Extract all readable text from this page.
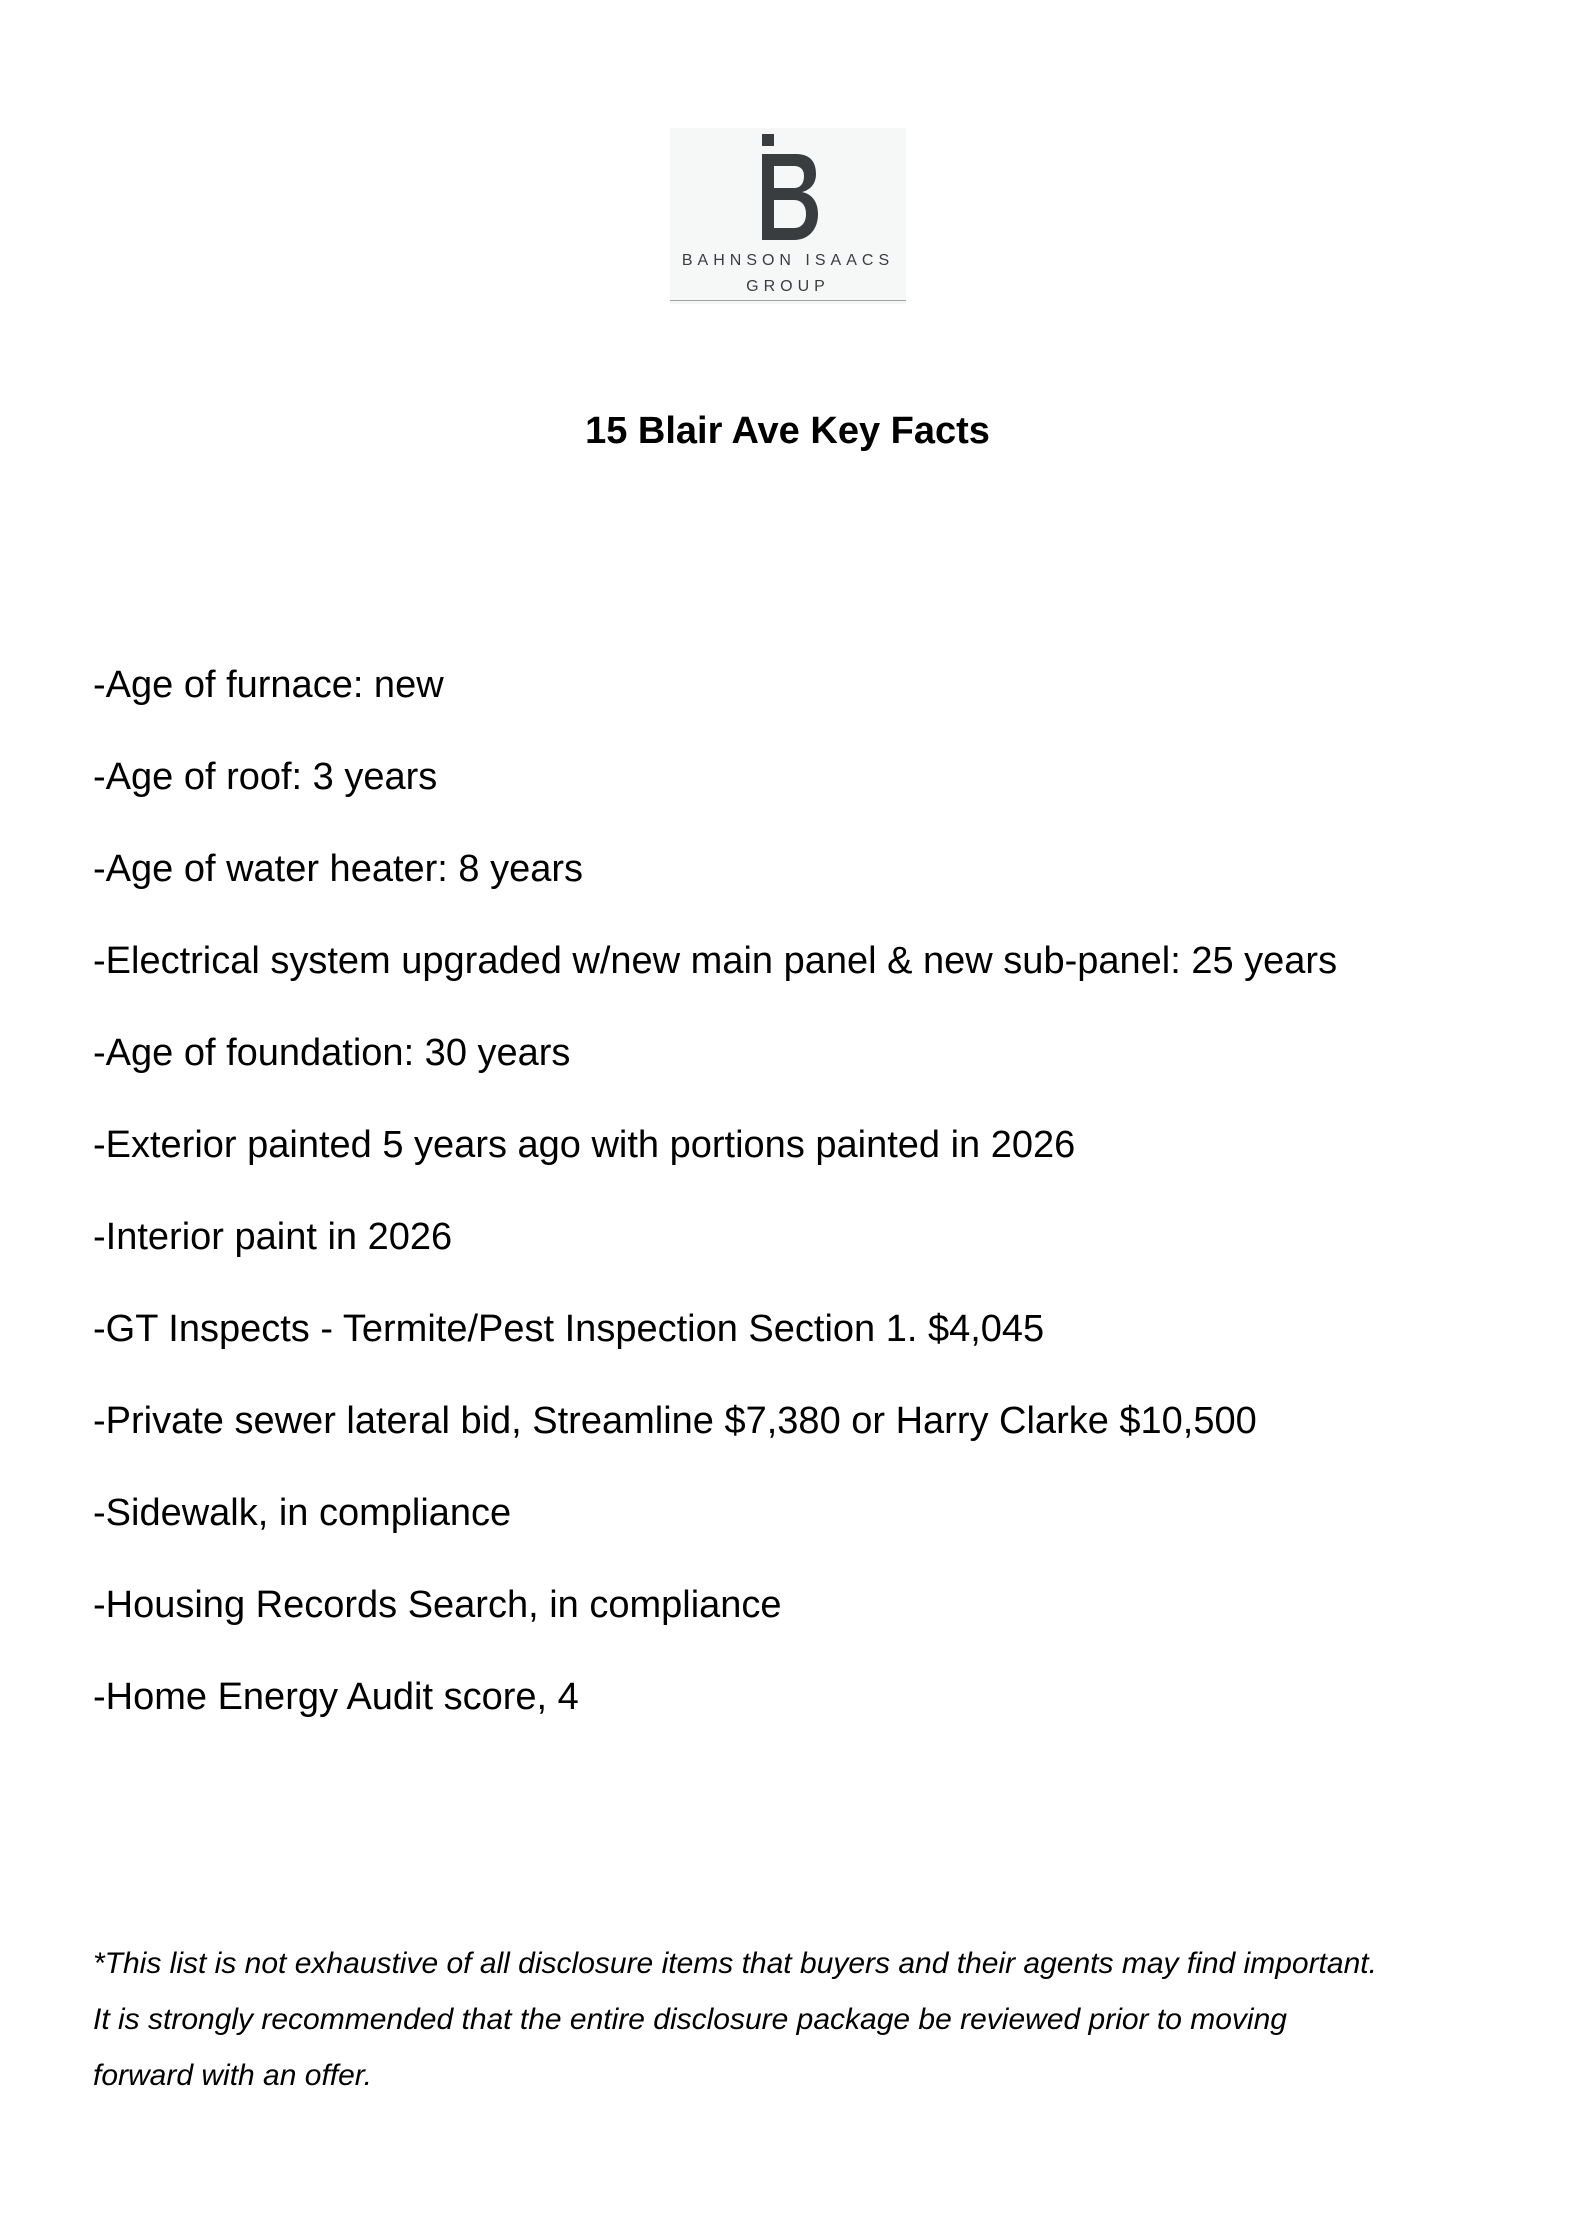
BAHNSON ISAACS
GROUP
15 Blair Ave Key Facts
-Age of furnace: new
-Age of roof: 3 years
-Age of water heater: 8 years
-Electrical system upgraded w/new main panel & new sub-panel: 25 years
-Age of foundation: 30 years
-Exterior painted 5 years ago with portions painted in 2026
-Interior paint in 2026
-GT Inspects - Termite/Pest Inspection Section 1. $4,045
-Private sewer lateral bid, Streamline $7,380 or Harry Clarke $10,500
-Sidewalk, in compliance
-Housing Records Search, in compliance
-Home Energy Audit score, 4
*This list is not exhaustive of all disclosure items that buyers and their agents may find important.
It is strongly recommended that the entire disclosure package be reviewed prior to moving
forward with an offer.
